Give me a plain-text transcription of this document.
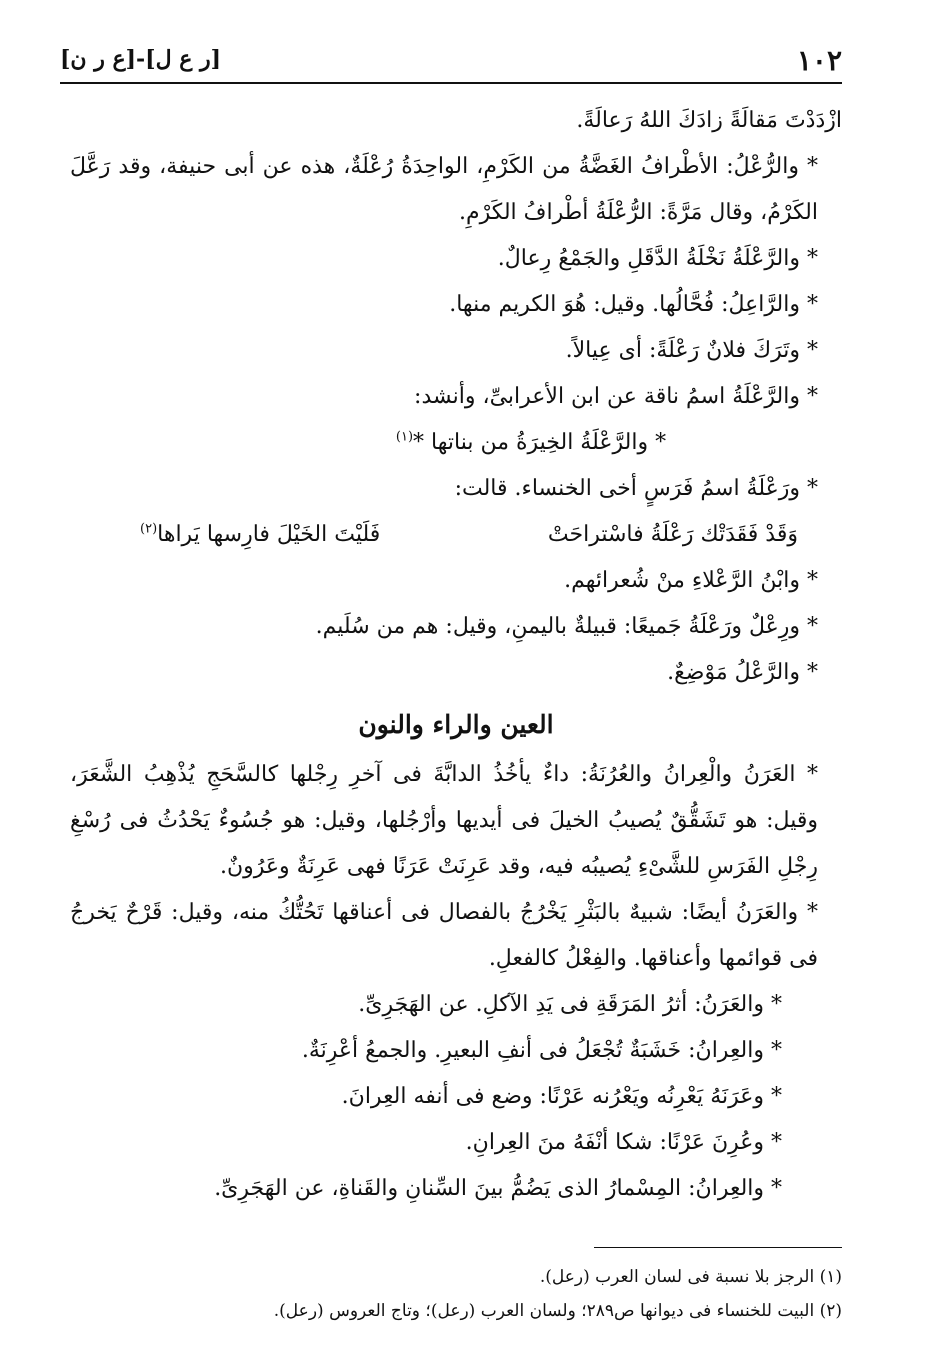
١٠٢
[ر ع ل]-[ع ر ن]

ازْدَدْتَ مَقالَةً زادَكَ اللهُ رَعالَةً.

* والرُّعْلُ: الأطْرافُ الغَضَّةُ من الكَرْمِ، الواحِدَةُ رُعْلَةٌ، هذه عن أبى حنيفة، وقد رَعَّلَ الكَرْمُ، وقال مَرَّةً: الرُّعْلَةُ أطْرافُ الكَرْمِ.

* والرَّعْلَةُ نَخْلَةُ الدَّقَلِ والجَمْعُ رِعالٌ.

* والرَّاعِلُ: فُحَّالُها. وقيل: هُوَ الكريم منها.

* وتَرَكَ فلانٌ رَعْلَةً: أى عِيالاً.

* والرَّعْلَةُ اسمُ ناقة عن ابن الأعرابىِّ، وأنشد:

* والرَّعْلَةُ الخِيرَةُ من بناتها *$^{(١)}$

* ورَعْلَةُ اسمُ فَرَسٍ أخى الخنساء. قالت:

وَقَدْ فَقَدَتْك رَعْلَةُ فاسْتراحَتْ
فَلَيْتَ الخَيْلَ فارِسها يَراها$^{(٢)}$

* وابْنُ الرَّعْلاءِ منْ شُعرائهم.

* ورِعْلٌ ورَعْلَةُ جَميعًا: قبيلةٌ باليمنِ، وقيل: هم من سُلَيم.

* والرَّعْلُ مَوْضِعٌ.

العين والراء والنون

* العَرَنُ والْعِرانُ والعُرُنَةُ: داءٌ يأخُذُ الدابَّةَ فى آخرِ رِجْلها كالسَّحَجِ يُذْهِبُ الشَّعَرَ، وقيل: هو تَشَقُّقٌ يُصيبُ الخيلَ فى أيديها وأرْجُلها، وقيل: هو جُسُوءٌ يَحْدُثُ فى رُسْغِ رِجْلِ الفَرَسِ للشَّىْءِ يُصيبُه فيه، وقد عَرِنَتْ عَرَنًا فهى عَرِنَةٌ وعَرُونٌ.

* والعَرَنُ أيضًا: شبيهٌ بالبَثْرِ يَخْرُجُ بالفصال فى أعناقها تَحُتُّكُ منه، وقيل: قَرْحٌ يَخرجُ فى قوائمها وأعناقها. والفِعْلُ كالفعلِ.

* والعَرَنُ: أثرُ المَرَقَةِ فى يَدِ الآكلِ. عن الهَجَرِىِّ.

* والعِرانُ: خَشَبَةٌ تُجْعَلُ فى أنفِ البعيرِ. والجمعُ أعْرِنَةٌ.

* وعَرَنَهُ يَعْرِنُه ويَعْرُنه عَرْنًا: وضع فى أنفه العِرانَ.

* وعُرِنَ عَرْنًا: شكا أنْفَهُ منَ العِرانِ.

* والعِرانُ: المِسْمارُ الذى يَضُمُّ بينَ السِّنانِ والقَناةِ، عن الهَجَرِىِّ.

(١) الرجز بلا نسبة فى لسان العرب (رعل).

(٢) البيت للخنساء فى ديوانها ص٢٨٩؛ ولسان العرب (رعل)؛ وتاج العروس (رعل).
